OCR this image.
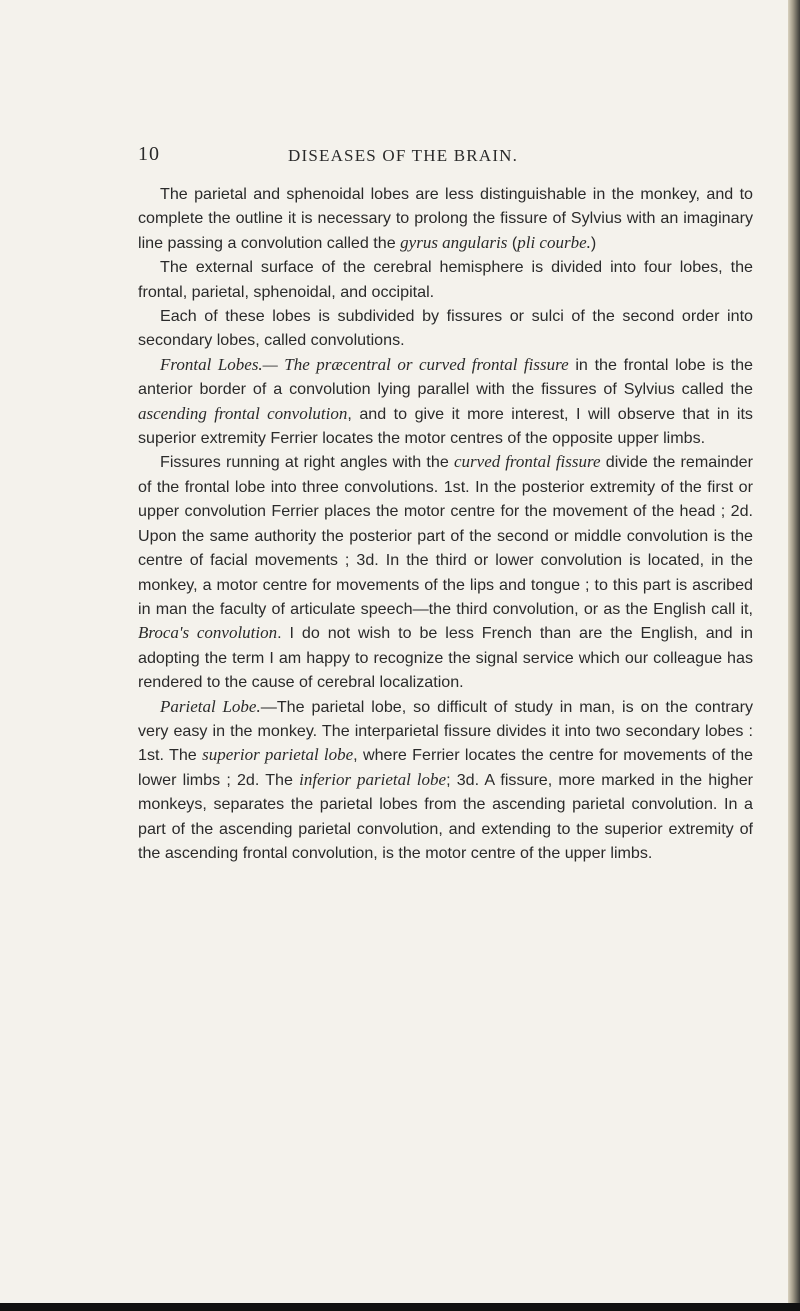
10	DISEASES OF THE BRAIN.

The parietal and sphenoidal lobes are less distinguishable in the monkey, and to complete the outline it is necessary to prolong the fissure of Sylvius with an imaginary line passing a convolution called the gyrus angularis (pli courbe.)

The external surface of the cerebral hemisphere is divided into four lobes, the frontal, parietal, sphenoidal, and occipital.

Each of these lobes is subdivided by fissures or sulci of the second order into secondary lobes, called convolutions.

Frontal Lobes.— The præcentral or curved frontal fissure in the frontal lobe is the anterior border of a convolution lying parallel with the fissures of Sylvius called the ascending frontal convolution, and to give it more interest, I will observe that in its superior extremity Ferrier locates the motor centres of the opposite upper limbs.

Fissures running at right angles with the curved frontal fissure divide the remainder of the frontal lobe into three convolutions. 1st. In the posterior extremity of the first or upper convolution Ferrier places the motor centre for the movement of the head ; 2d. Upon the same authority the posterior part of the second or middle convolution is the centre of facial movements ; 3d. In the third or lower convolution is located, in the monkey, a motor centre for movements of the lips and tongue ; to this part is ascribed in man the faculty of articulate speech—the third convolution, or as the English call it, Broca's convolution. I do not wish to be less French than are the English, and in adopting the term I am happy to recognize the signal service which our colleague has rendered to the cause of cerebral localization.

Parietal Lobe.—The parietal lobe, so difficult of study in man, is on the contrary very easy in the monkey. The interparietal fissure divides it into two secondary lobes : 1st. The superior parietal lobe, where Ferrier locates the centre for movements of the lower limbs ; 2d. The inferior parietal lobe; 3d. A fissure, more marked in the higher monkeys, separates the parietal lobes from the ascending parietal convolution. In a part of the ascending parietal convolution, and extending to the superior extremity of the ascending frontal convolution, is the motor centre of the upper limbs.
